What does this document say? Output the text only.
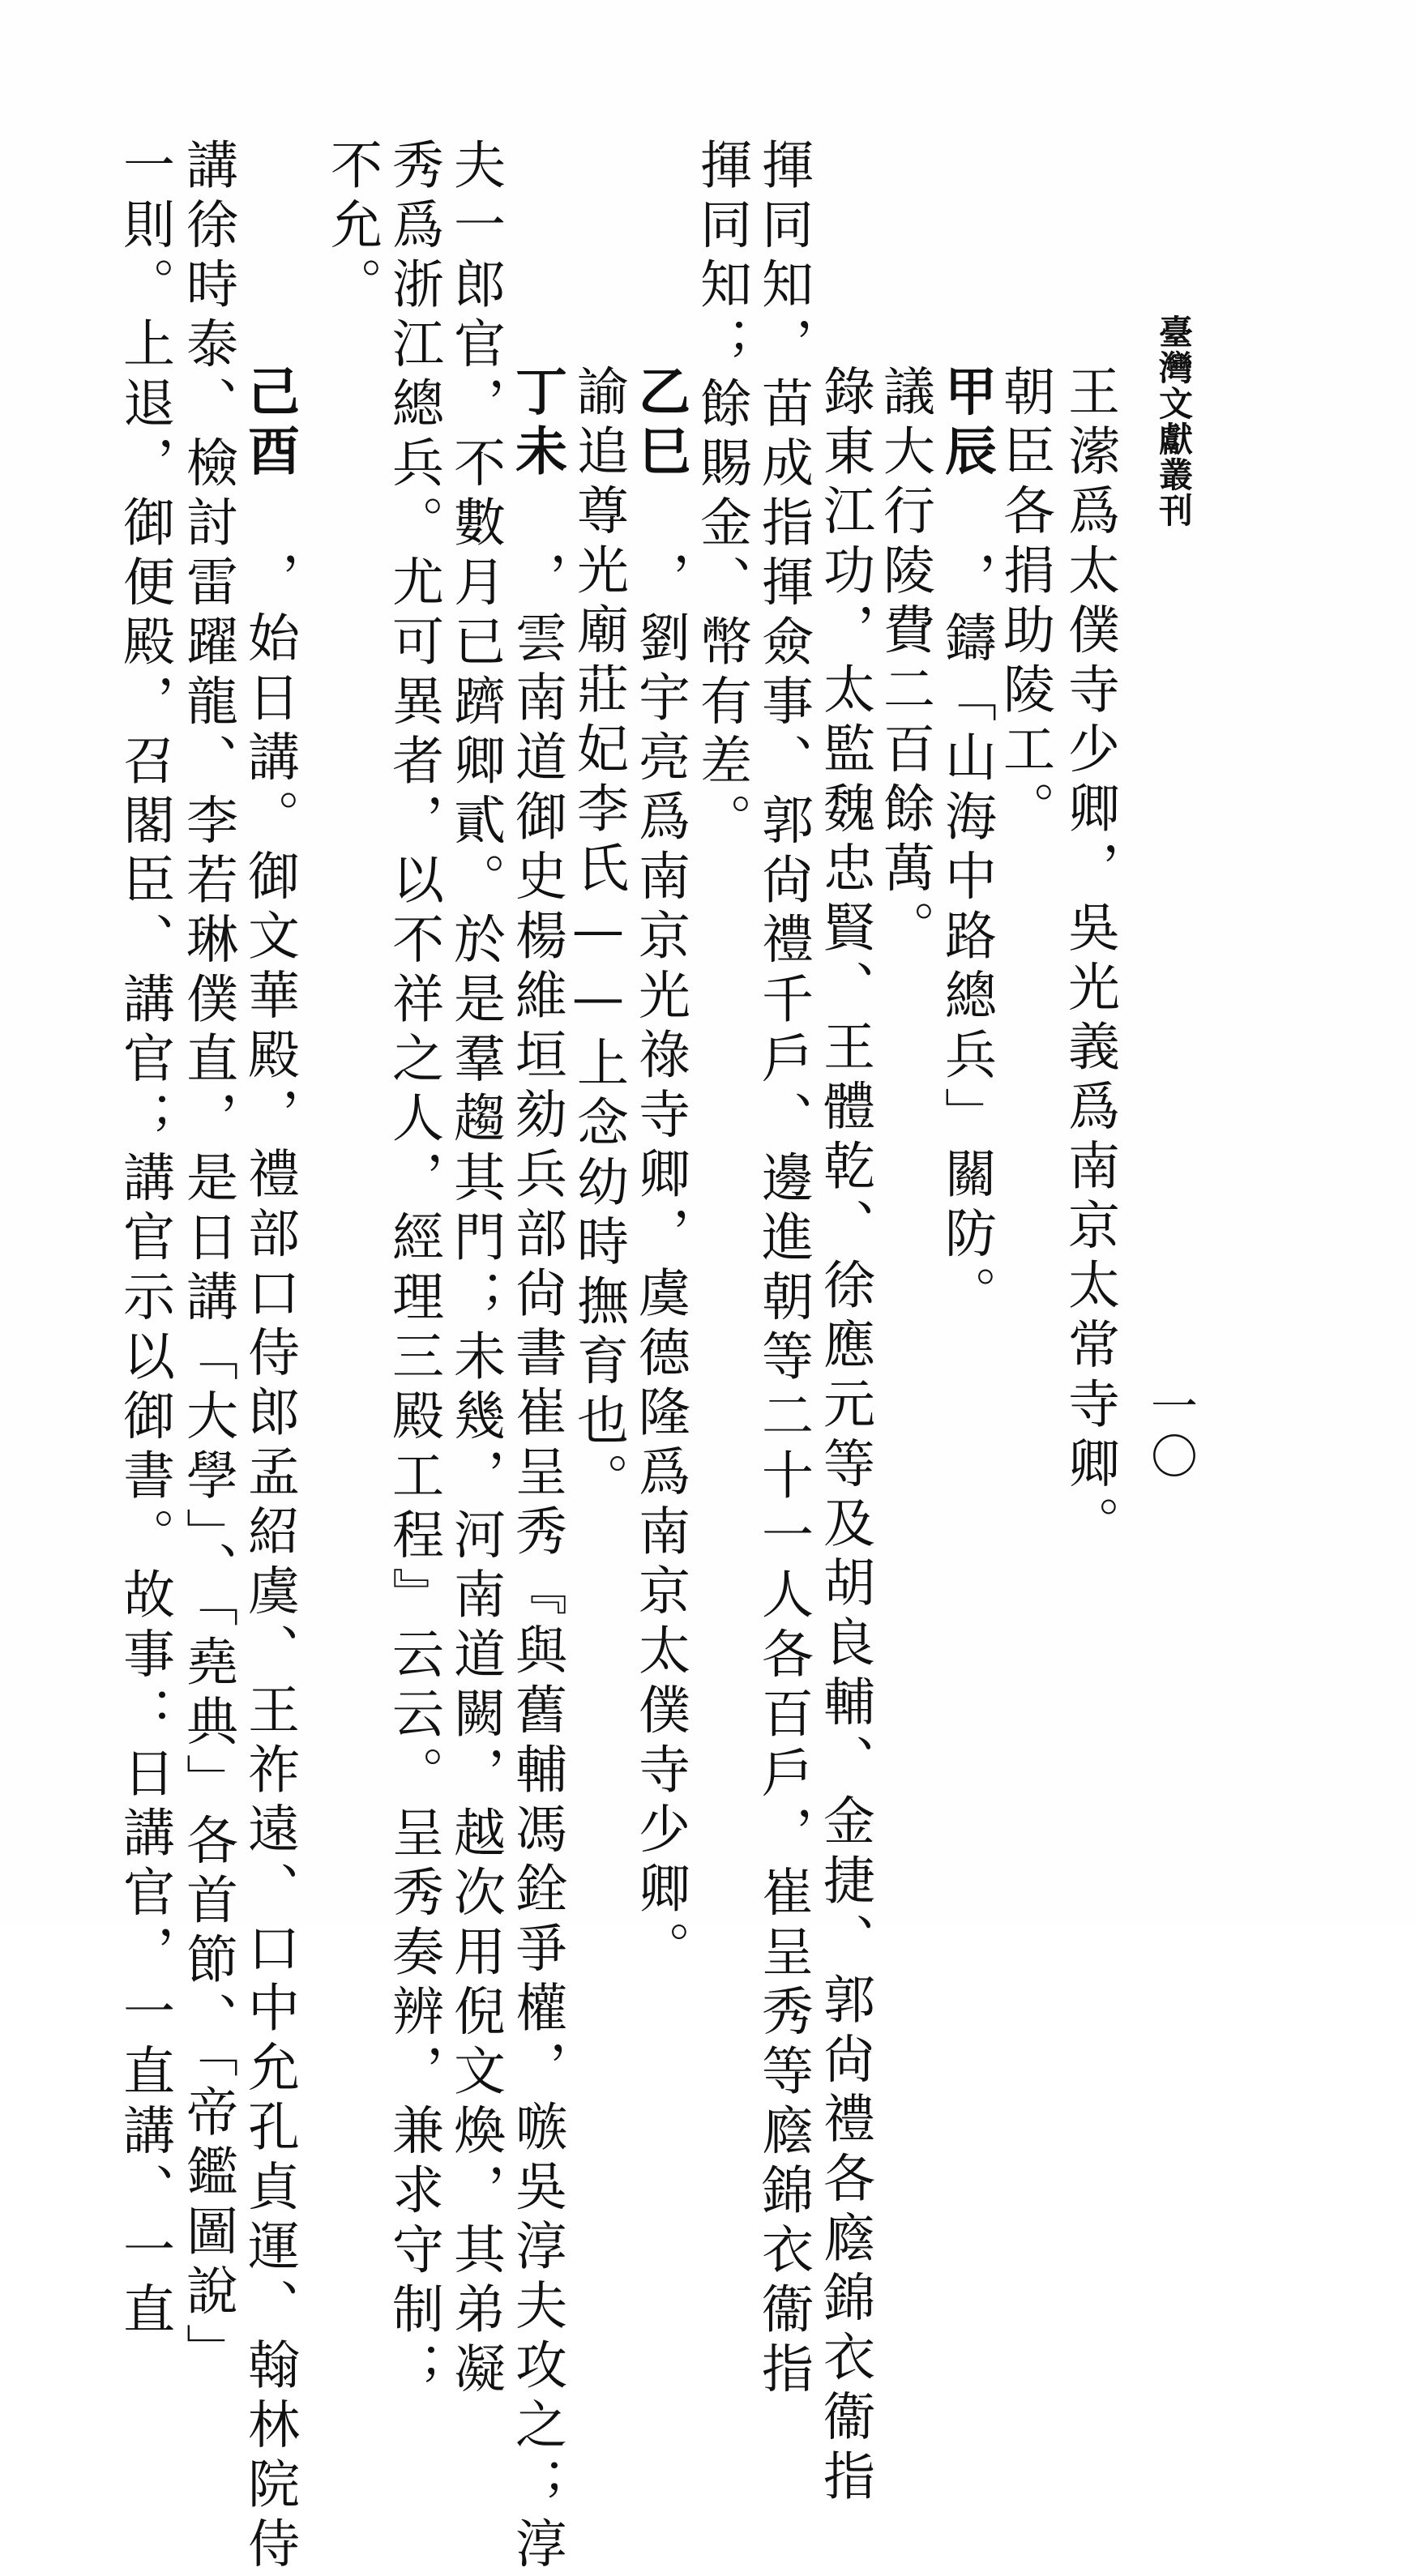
臺灣文獻叢刊
一〇
王潆爲太僕寺少卿，吳光義爲南京太常寺卿。
朝臣各捐助陵工。
甲辰 ，鑄「山海中路總兵」關防。
議大行陵費二百餘萬。
錄東江功，太監魏忠賢、王體乾、徐應元等及胡良輔、金捷、郭尙禮各廕錦衣衞指
揮同知，苗成指揮僉事、郭尙禮千戶、邊進朝等二十一人各百戶，崔呈秀等廕錦衣衞指
揮同知；餘賜金、幣有差。
乙巳 ，劉宇亮爲南京光祿寺卿，虞德隆爲南京太僕寺少卿。
諭追尊光廟莊妃李氏——上念幼時撫育也。
丁未 ，雲南道御史楊維垣劾兵部尙書崔呈秀『與舊輔馮銓爭權，嗾吳淳夫攻之；淳
夫一郎官，不數月已躋卿貳。於是羣趨其門；未幾，河南道闕，越次用倪文煥，其弟凝
秀爲浙江總兵。尤可異者，以不祥之人，經理三殿工程』云云。呈秀奏辨，兼求守制；
不允。
己酉 ，始日講。御文華殿，禮部口侍郎孟紹虞、王祚遠、口中允孔貞運、翰林院侍
講徐時泰、檢討雷躍龍、李若琳僕直，是日講「大學」、「堯典」各首節、「帝鑑圖說」
一則。上退，御便殿，召閣臣、講官；講官示以御書。故事：日講官，一直講、一直
